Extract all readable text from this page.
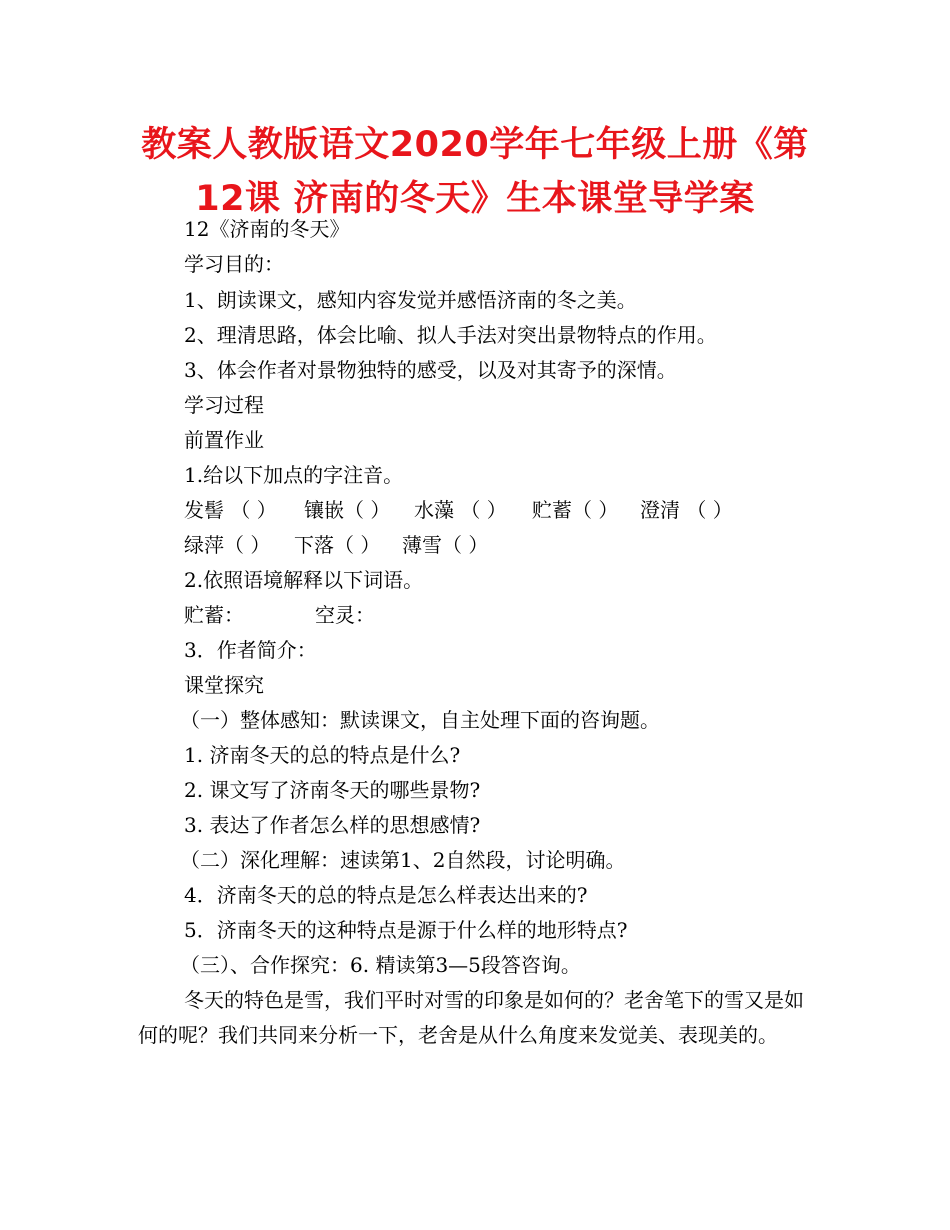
教案人教版语文2020学年七年级上册《第
12课 济南的冬天》生本课堂导学案
12《济南的冬天》
学习目的：
1、朗读课文，感知内容发觉并感悟济南的冬之美。
2、理清思路，体会比喻、拟人手法对突出景物特点的作用。
3、体会作者对景物独特的感受，以及对其寄予的深情。
学习过程
前置作业
1.给以下加点的字注音。
发髻 （ ） 镶嵌（ ） 水藻 （ ） 贮蓄（ ） 澄清 （ ）
绿萍（ ） 下落（ ） 薄雪（ ）
2.依照语境解释以下词语。
贮蓄：	空灵：
3．作者简介：
课堂探究
（一）整体感知：默读课文，自主处理下面的咨询题。
1. 济南冬天的总的特点是什么?
2. 课文写了济南冬天的哪些景物?
3. 表达了作者怎么样的思想感情?
（二）深化理解：速读第1、2自然段，讨论明确。
4．济南冬天的总的特点是怎么样表达出来的?
5．济南冬天的这种特点是源于什么样的地形特点?
（三）、合作探究：6. 精读第3—5段答咨询。
冬天的特色是雪，我们平时对雪的印象是如何的？老舍笔下的雪又是如何的呢？我们共同来分析一下，老舍是从什么角度来发觉美、表现美的。
